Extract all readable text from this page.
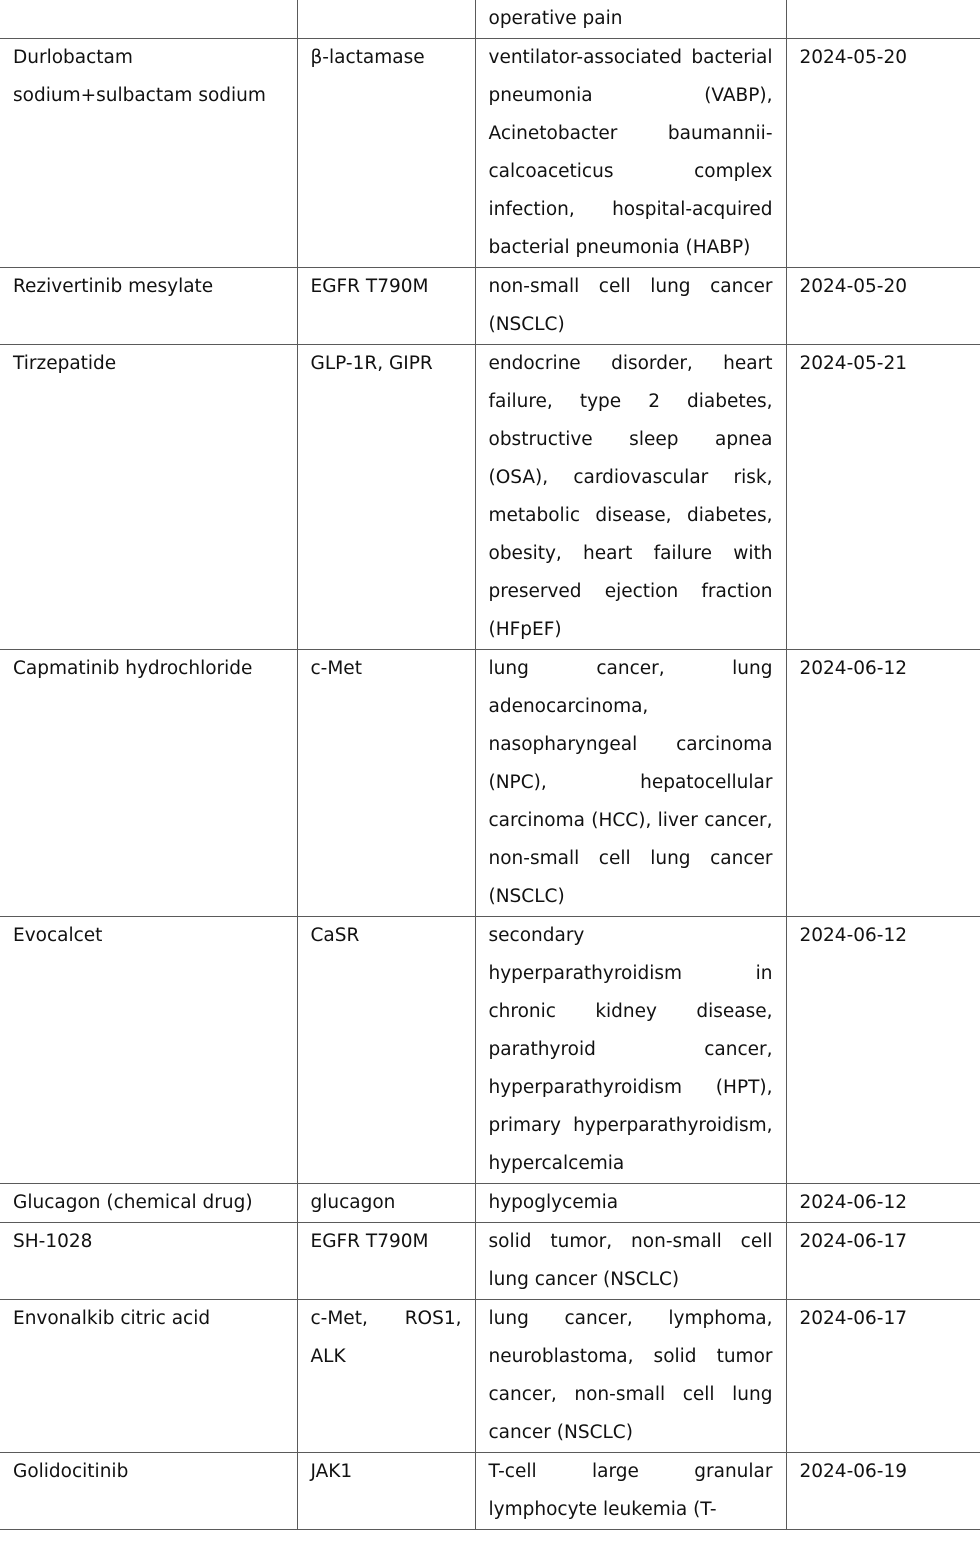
		operative pain	
Durlobactam sodium+sulbactam sodium	β-lactamase	ventilator-associated bacterial pneumonia (VABP), Acinetobacter baumannii-calcoaceticus complex infection, hospital-acquired bacterial pneumonia (HABP)	2024-05-20
Rezivertinib mesylate	EGFR T790M	non-small cell lung cancer (NSCLC)	2024-05-20
Tirzepatide	GLP-1R, GIPR	endocrine disorder, heart failure, type 2 diabetes, obstructive sleep apnea (OSA), cardiovascular risk, metabolic disease, diabetes, obesity, heart failure with preserved ejection fraction (HFpEF)	2024-05-21
Capmatinib hydrochloride	c-Met	lung cancer, lung adenocarcinoma, nasopharyngeal carcinoma (NPC), hepatocellular carcinoma (HCC), liver cancer, non-small cell lung cancer (NSCLC)	2024-06-12
Evocalcet	CaSR	secondary hyperparathyroidism in chronic kidney disease, parathyroid cancer, hyperparathyroidism (HPT), primary hyperparathyroidism, hypercalcemia	2024-06-12
Glucagon (chemical drug)	glucagon	hypoglycemia	2024-06-12
SH-1028	EGFR T790M	solid tumor, non-small cell lung cancer (NSCLC)	2024-06-17
Envonalkib citric acid	c-Met, ROS1, ALK	lung cancer, lymphoma, neuroblastoma, solid tumor cancer, non-small cell lung cancer (NSCLC)	2024-06-17
Golidocitinib	JAK1	T-cell large granular lymphocyte leukemia (T-	2024-06-19
